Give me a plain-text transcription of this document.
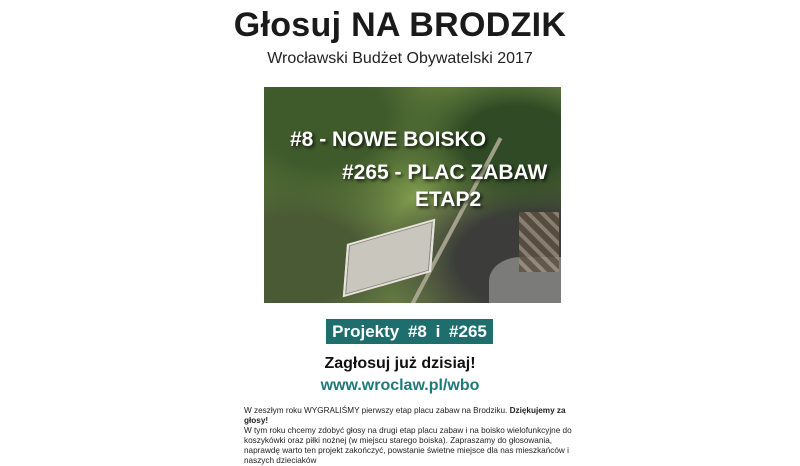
Głosuj NA BRODZIK
Wrocławski Budżet Obywatelski 2017
#8 - NOWE BOISKO
#265 - PLAC ZABAW
ETAP2
Projekty #8 i #265
Zagłosuj już dzisiaj!
www.wroclaw.pl/wbo
W zeszłym roku WYGRALIŚMY pierwszy etap placu zabaw na Brodziku. Dziękujemy za głosy!
W tym roku chcemy zdobyć głosy na drugi etap placu zabaw i na boisko wielofunkcyjne do koszykówki oraz piłki nożnej (w miejscu starego boiska). Zapraszamy do głosowania, naprawdę warto ten projekt zakończyć, powstanie świetne miejsce dla nas mieszkańców i naszych dzieciaków
